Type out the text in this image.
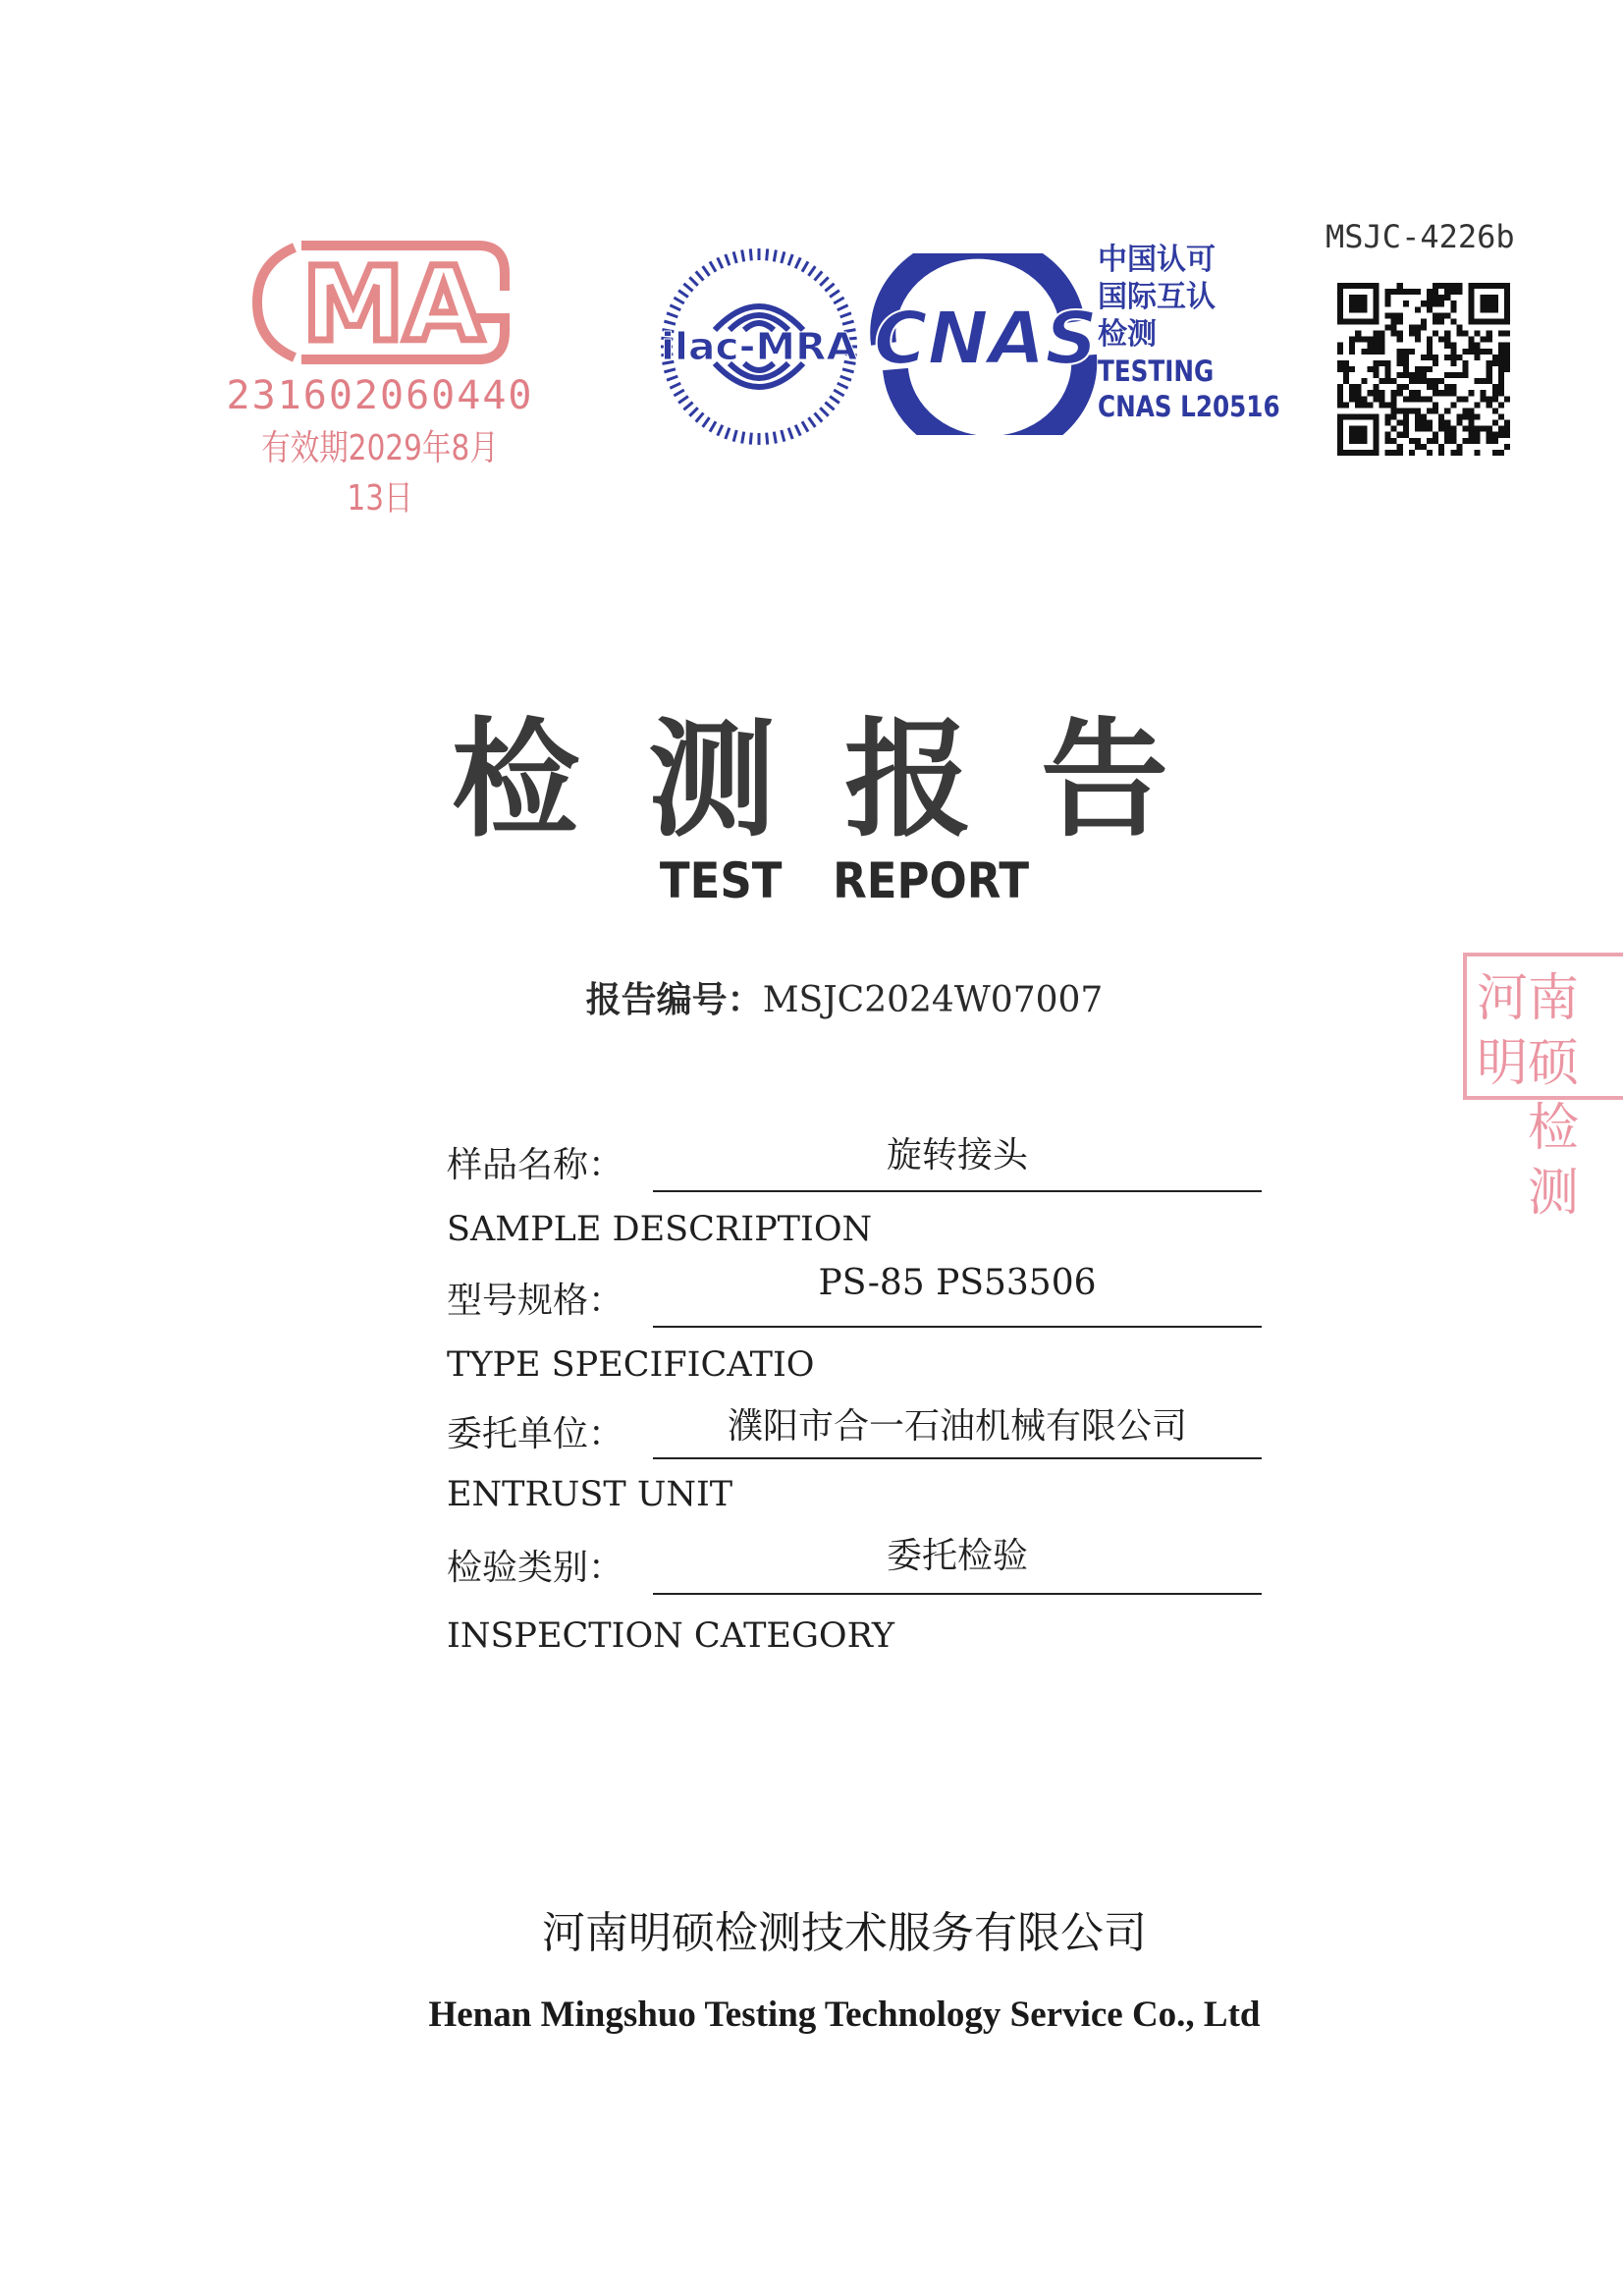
MA
231602060440
有效期2029年8月13日
ilac-MRA CNAS
中国认可
国际互认
检测
TESTING
CNAS L20516
MSJC-4226b
检测报告
TEST REPORT
报告编号：MSJC2024W07007	河南明硕
检测
样品名称：	旋转接头
SAMPLE DESCRIPTION
型号规格：	PS-85 PS53506
TYPE SPECIFICATIO
委托单位：	濮阳市合一石油机械有限公司
ENTRUST UNIT
检验类别：	委托检验
INSPECTION CATEGORY
河南明硕检测技术服务有限公司
Henan Mingshuo Testing Technology Service Co., Ltd
